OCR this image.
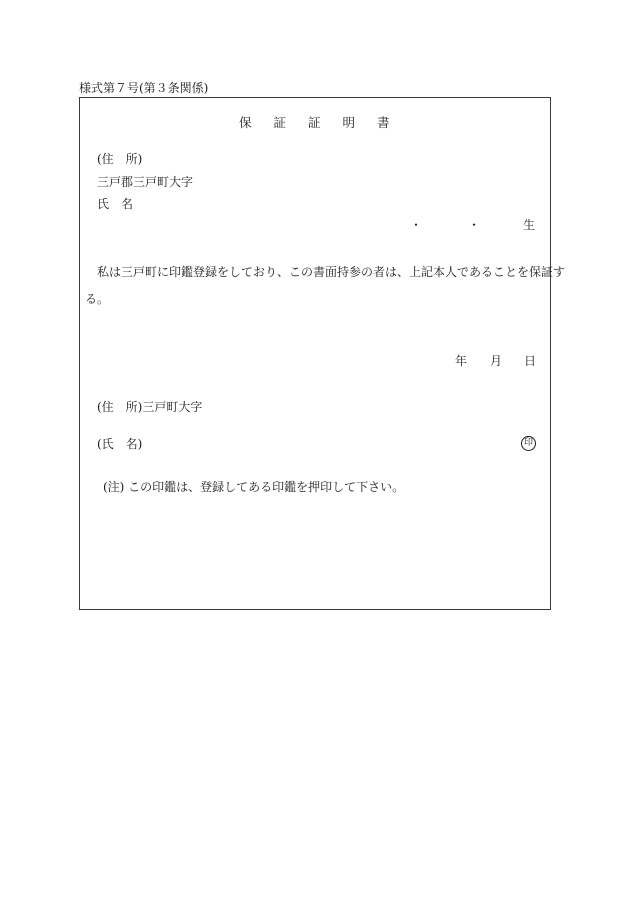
様式第７号(第３条関係)
保証証明書
(住　所)
三戸郡三戸町大字
氏　名
・	・	生
私は三戸町に印鑑登録をしており、この書面持参の者は、上記本人であることを保証す
る。
年 月 日
(住　所)三戸町大字
(氏　名)	印
(注) この印鑑は、登録してある印鑑を押印して下さい。
